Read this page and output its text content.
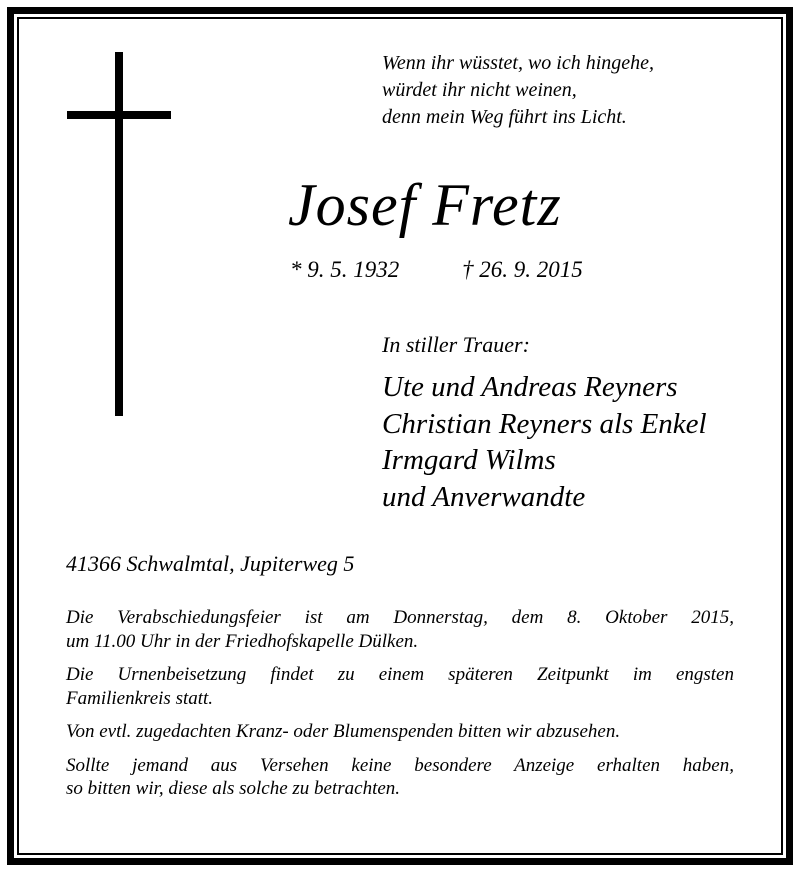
Wenn ihr wüsstet, wo ich hingehe,
würdet ihr nicht weinen,
denn mein Weg führt ins Licht.
Josef Fretz
* 9. 5. 1932	† 26. 9. 2015
In stiller Trauer:
Ute und Andreas Reyners
Christian Reyners als Enkel
Irmgard Wilms
und Anverwandte
41366 Schwalmtal, Jupiterweg 5

Die Verabschiedungsfeier ist am Donnerstag, dem 8. Oktober 2015,
um 11.00 Uhr in der Friedhofskapelle Dülken.

Die Urnenbeisetzung findet zu einem späteren Zeitpunkt im engsten
Familienkreis statt.

Von evtl. zugedachten Kranz- oder Blumenspenden bitten wir abzusehen.

Sollte jemand aus Versehen keine besondere Anzeige erhalten haben,
so bitten wir, diese als solche zu betrachten.
